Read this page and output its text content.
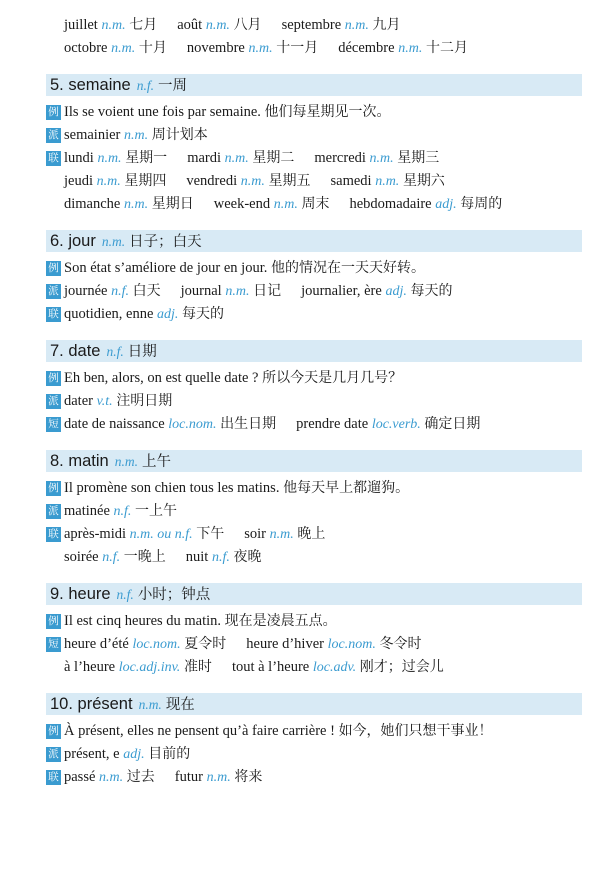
juillet n.m. 七月 août n.m. 八月 septembre n.m. 九月
octobre n.m. 十月 novembre n.m. 十一月 décembre n.m. 十二月
5. semaine n.f. 一周
例 Ils se voient une fois par semaine. 他们每星期见一次。
派 semainier n.m. 周计划本
联 lundi n.m. 星期一 mardi n.m. 星期二 mercredi n.m. 星期三
jeudi n.m. 星期四 vendredi n.m. 星期五 samedi n.m. 星期六
dimanche n.m. 星期日 week-end n.m. 周末 hebdomadaire adj. 每周的
6. jour n.m. 日子；白天
例 Son état s’améliore de jour en jour. 他的情况在一天天好转。
派 journée n.f. 白天 journal n.m. 日记 journalier, ère adj. 每天的
联 quotidien, enne adj. 每天的
7. date n.f. 日期
例 Eh ben, alors, on est quelle date ? 所以今天是几月几号？
派 dater v.t. 注明日期
短 date de naissance loc.nom. 出生日期 prendre date loc.verb. 确定日期
8. matin n.m. 上午
例 Il promène son chien tous les matins. 他每天早上都遛狗。
派 matinée n.f. 一上午
联 après-midi n.m. ou n.f. 下午 soir n.m. 晚上
soirée n.f. 一晚上 nuit n.f. 夜晚
9. heure n.f. 小时；钟点
例 Il est cinq heures du matin. 现在是凌晨五点。
短 heure d’été loc.nom. 夏令时 heure d’hiver loc.nom. 冬令时
à l’heure loc.adj.inv. 准时 tout à l’heure loc.adv. 刚才；过会儿
10. présent n.m. 现在
例 À présent, elles ne pensent qu’à faire carrière ! 如今，她们只想干事业！
派 présent, e adj. 目前的
联 passé n.m. 过去 futur n.m. 将来
